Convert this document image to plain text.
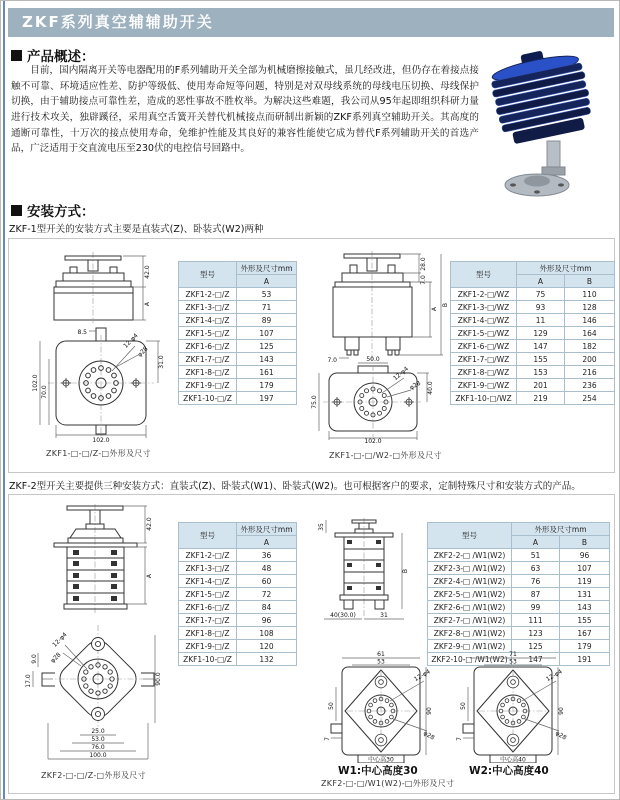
ZKF系列真空辅辅助开关
产品概述：

目前，国内隔离开关等电器配用的F系列辅助开关全部为机械磨擦接触式，虽几经改进，但仍存在着接点接触不可靠、环境适应性差、防护等级低、使用寿命短等问题，特别是对双母线系统的母线电压切换、母线保护切换，由于辅助接点可靠性差，造成的恶性事故不胜枚举。为解决这些难题，我公司从95年起即组织科研力量进行技术攻关，独辟蹊径，采用真空舌簧开关替代机械接点而研制出新颖的ZKF系列真空辅助开关。其高度的通断可靠性，十万次的接点使用寿命，免维护性能及其良好的兼容性能使它成为替代F系列辅助开关的首选产品，广泛适用于交直流电压至230伏的电控信号回路中。

安装方式：
ZKF-1型开关的安装方式主要是直装式(Z)、卧装式(W2)两种
42.0
A
8.5	12-φ4
φ28
31.0
102.0
70.0
102.0
型号	外形及尺寸mm
	A
ZKF1-2-□/Z	53
ZKF1-3-□/Z	71
ZKF1-4-□/Z	89
ZKF1-5-□/Z	107
ZKF1-6-□/Z	125
ZKF1-7-□/Z	143
ZKF1-8-□/Z	161
ZKF1-9-□/Z	179
ZKF1-10-□/Z	197
28.0
7.0
A
B
7.0	50.0
75.0
40.0
102.0
12-φ4
φ28
型号	外形及尺寸mm	
	A	B
ZKF1-2-□/WZ	75	110
ZKF1-3-□/WZ	93	128
ZKF1-4-□/WZ	11	146
ZKF1-5-□/WZ	129	164
ZKF1-6-□/WZ	147	182
ZKF1-7-□/WZ	155	200
ZKF1-8-□/WZ	153	216
ZKF1-9-□/WZ	201	236
ZKF1-10-□/WZ	219	254
ZKF1-□-□/Z-□外形及尺寸	ZKF1-□-□/W2-□外形及尺寸
ZKF-2型开关主要提供三种安装方式：直装式(Z)、卧装式(W1)、卧装式(W2)。也可根据客户的要求，定制特殊尺寸和安装方式的产品。
42.0
A
12-φ4
φ28
9.0
17.0	90.0
25.0
53.0
76.0
100.0
型号	外形及尺寸mm
	A
ZKF1-2-□/Z	36
ZKF1-3-□/Z	48
ZKF1-4-□/Z	60
ZKF1-5-□/Z	72
ZKF1-6-□/Z	84
ZKF1-7-□/Z	96
ZKF1-8-□/Z	108
ZKF1-9-□/Z	120
ZKF1-10-□/Z	132
35
B
40(30.0)	31
型号	外形及尺寸mm	
	A	B
ZKF2-2-□ /W1(W2)	51	96
ZKF2-3-□ /W1(W2)	63	107
ZKF2-4-□ /W1(W2)	76	119
ZKF2-5-□ /W1(W2)	87	131
ZKF2-6-□ /W1(W2)	99	143
ZKF2-7-□ /W1(W2)	111	155
ZKF2-8-□ /W1(W2)	123	167
ZKF2-9-□ /W1(W2)	125	179
ZKF2-10-□ /W1(W2)	147	191
61
53
7
50
90
12-φ4
φ28
中心高30
71
53
7
50
90
12-φ4
φ28
中心高40
W1:中心高度30	W2:中心高度40
ZKF2-□-□/Z-□外形及尺寸
ZKF2-□-□/W1(W2)-□外形及尺寸
